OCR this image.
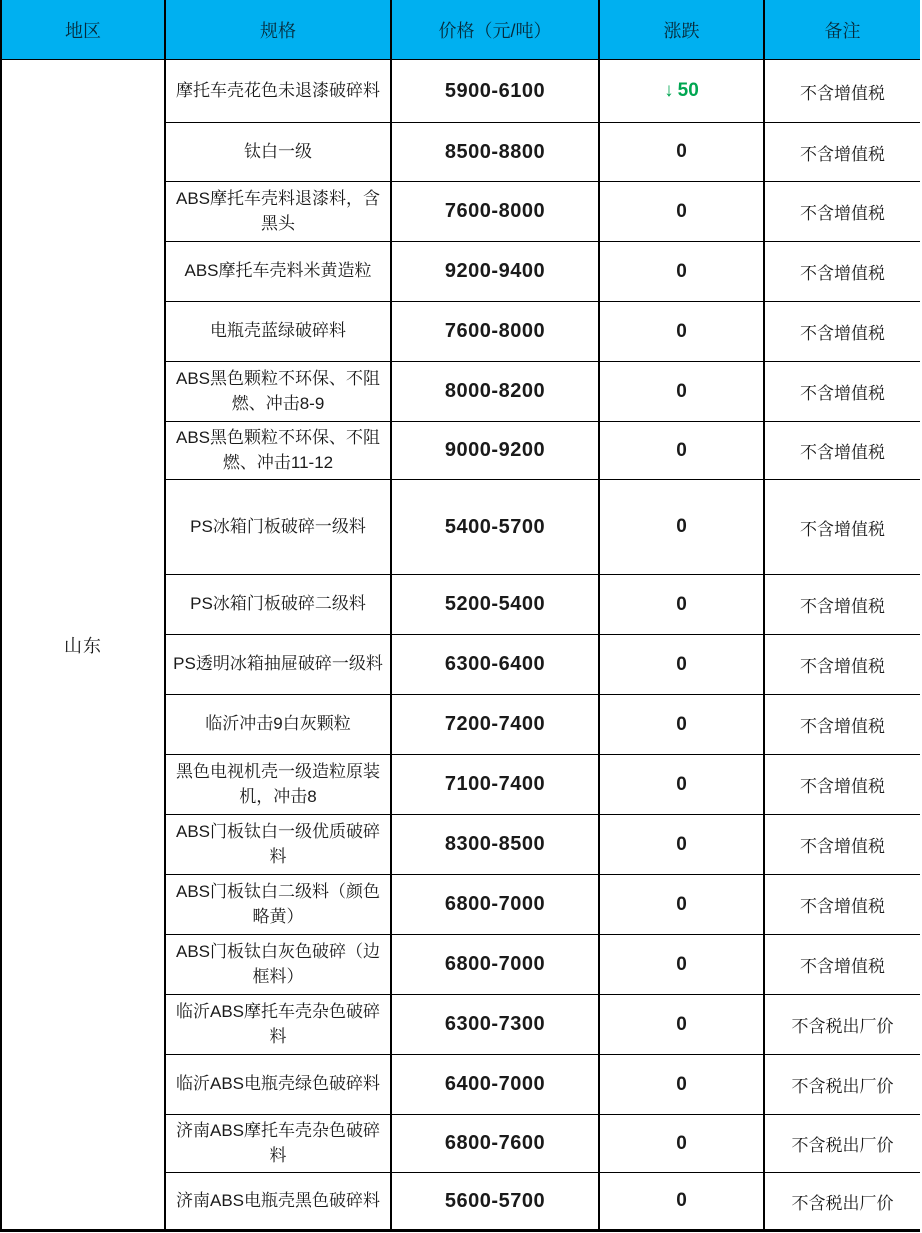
地区	规格	价格（元/吨）	涨跌	备注
山东	摩托车壳花色未退漆破碎料	5900-6100	↓ 50	不含增值税
	钛白一级	8500-8800	0	不含增值税
	ABS摩托车壳料退漆料，含黑头	7600-8000	0	不含增值税
	ABS摩托车壳料米黄造粒	9200-9400	0	不含增值税
	电瓶壳蓝绿破碎料	7600-8000	0	不含增值税
	ABS黑色颗粒不环保、不阻燃、冲击8-9	8000-8200	0	不含增值税
	ABS黑色颗粒不环保、不阻燃、冲击11-12	9000-9200	0	不含增值税
	PS冰箱门板破碎一级料	5400-5700	0	不含增值税
	PS冰箱门板破碎二级料	5200-5400	0	不含增值税
	PS透明冰箱抽屉破碎一级料	6300-6400	0	不含增值税
	临沂冲击9白灰颗粒	7200-7400	0	不含增值税
	黑色电视机壳一级造粒原装机，冲击8	7100-7400	0	不含增值税
	ABS门板钛白一级优质破碎料	8300-8500	0	不含增值税
	ABS门板钛白二级料（颜色略黄）	6800-7000	0	不含增值税
	ABS门板钛白灰色破碎（边框料）	6800-7000	0	不含增值税
	临沂ABS摩托车壳杂色破碎料	6300-7300	0	不含税出厂价
	临沂ABS电瓶壳绿色破碎料	6400-7000	0	不含税出厂价
	济南ABS摩托车壳杂色破碎料	6800-7600	0	不含税出厂价
	济南ABS电瓶壳黑色破碎料	5600-5700	0	不含税出厂价
